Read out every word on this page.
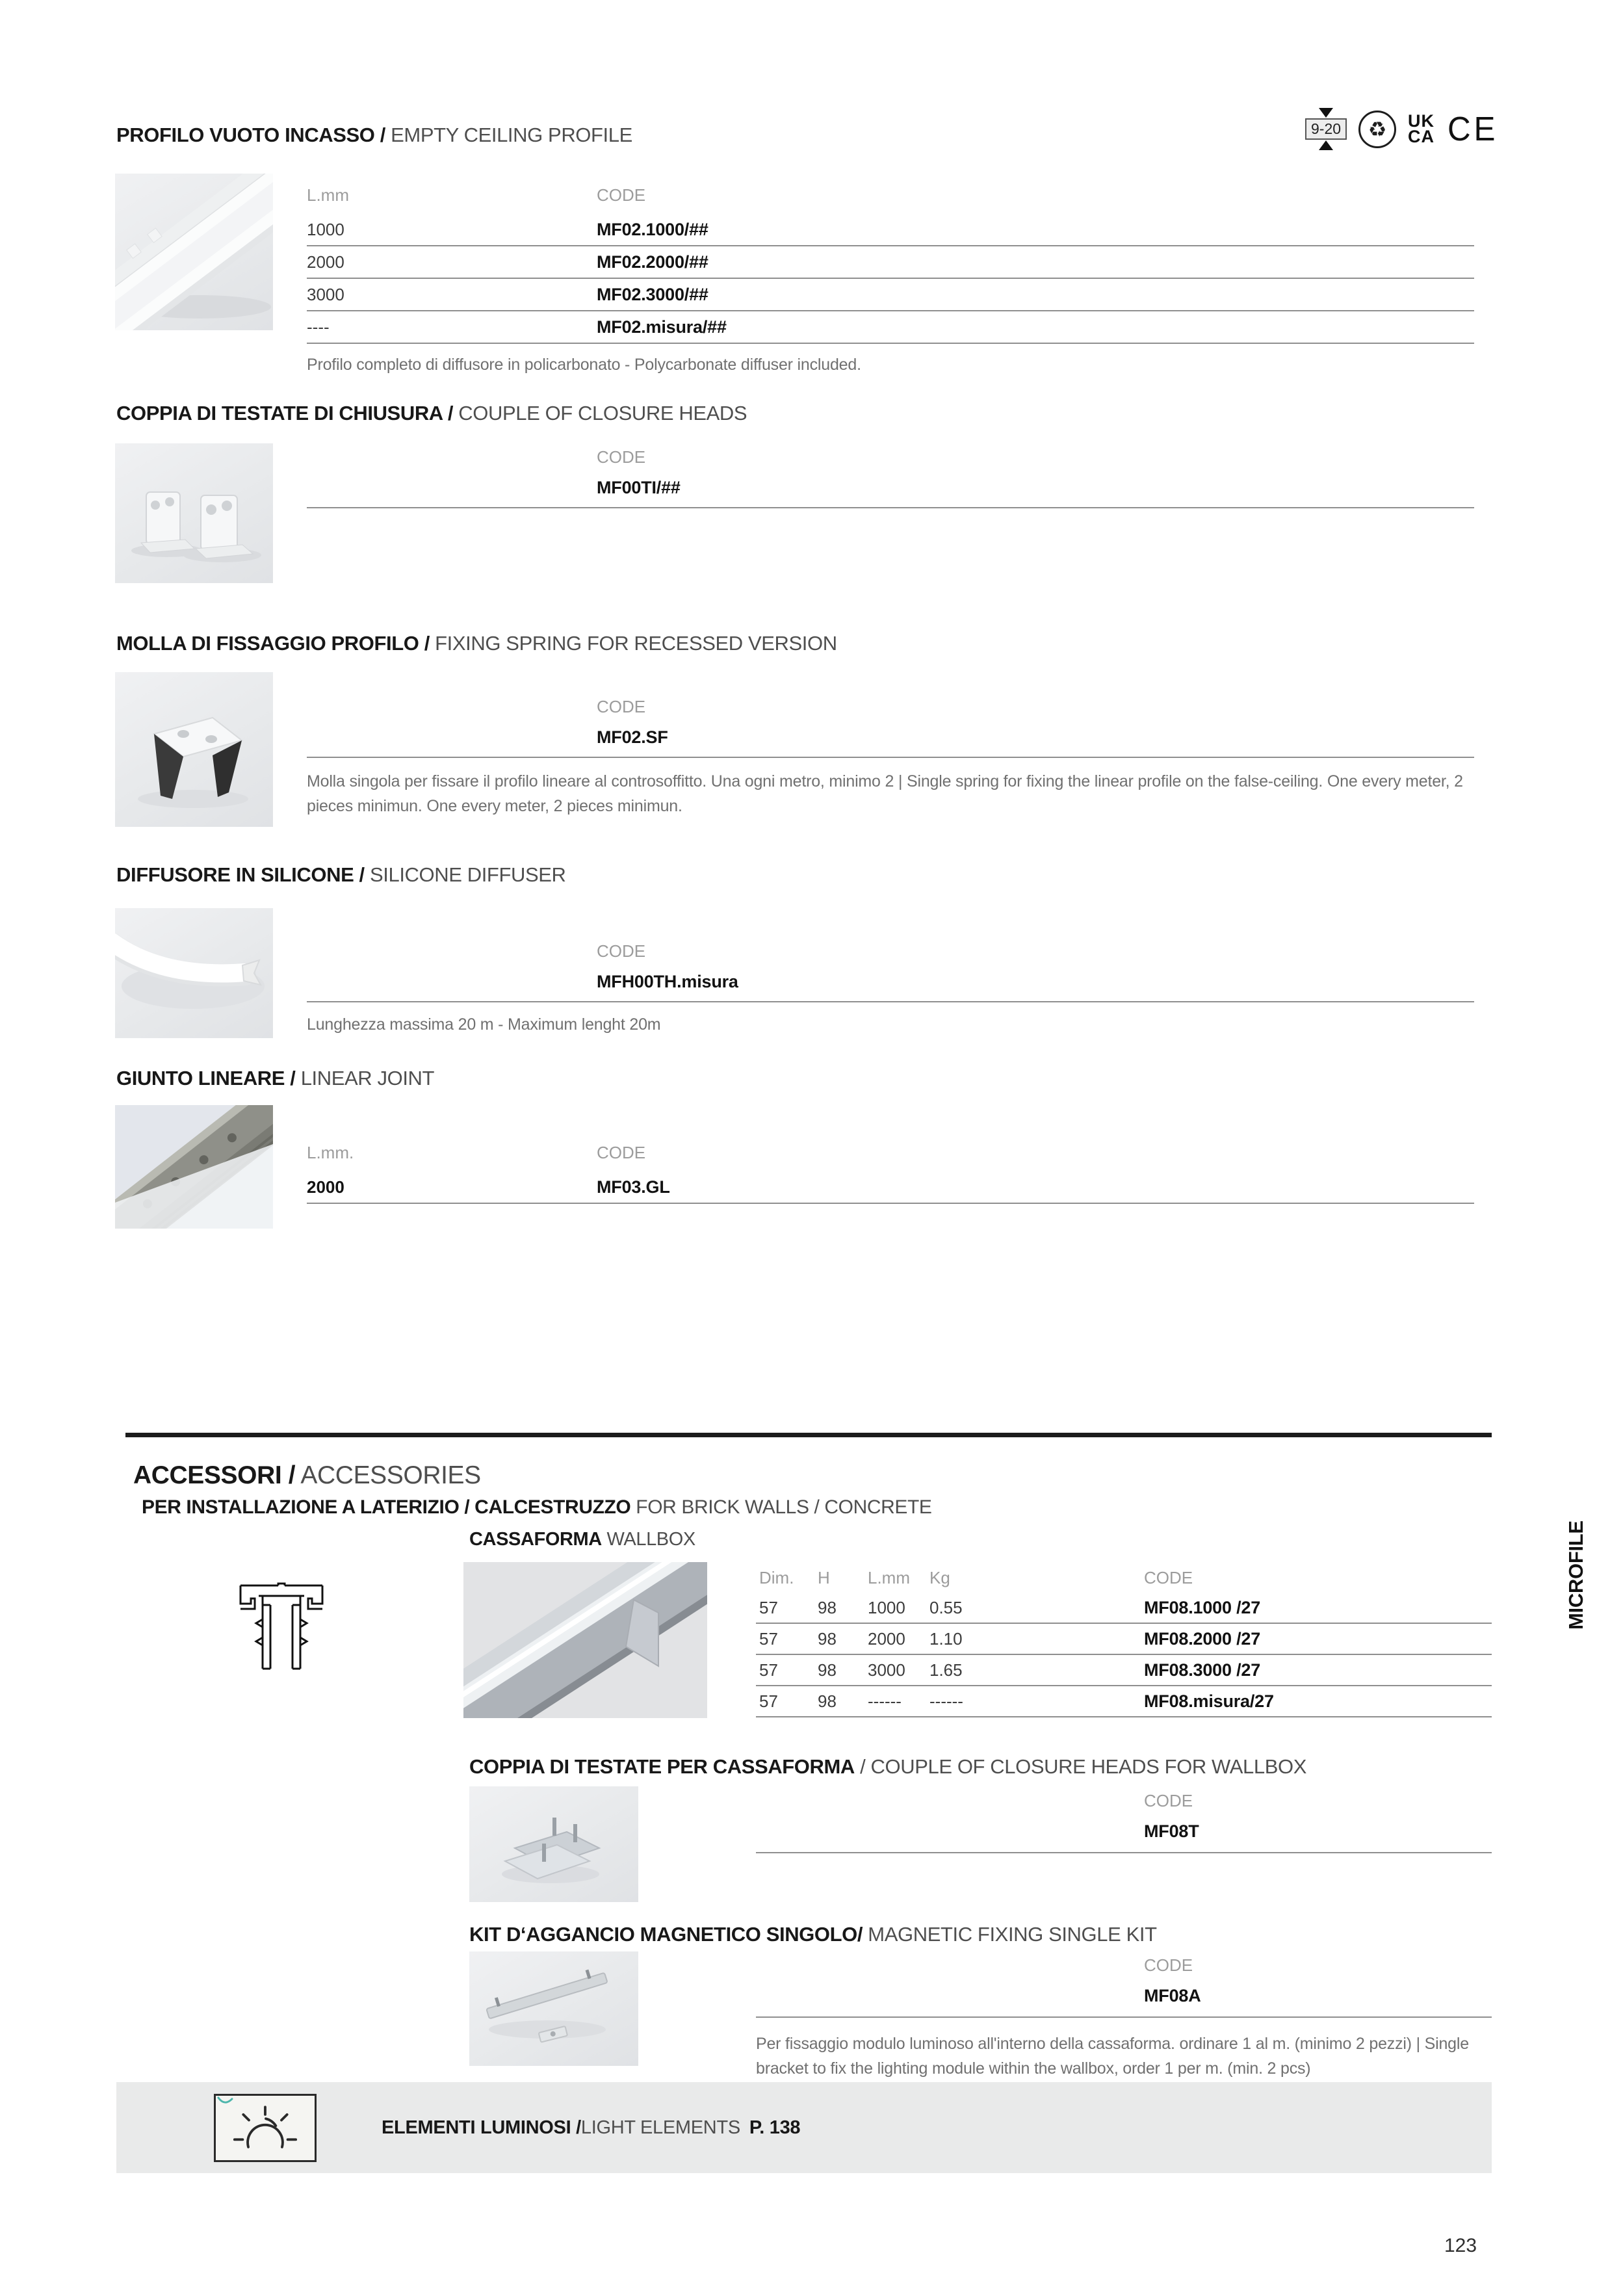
9-20 ♻ UK
CA CE
PROFILO VUOTO INCASSO / EMPTY CEILING PROFILE
L.mm	CODE
1000	MF02.1000/##
2000	MF02.2000/##
3000	MF02.3000/##
----	MF02.misura/##
Profilo completo di diffusore in policarbonato - Polycarbonate diffuser included.
COPPIA DI TESTATE DI CHIUSURA / COUPLE OF CLOSURE HEADS
CODE
MF00TI/##
MOLLA DI FISSAGGIO PROFILO / FIXING SPRING FOR RECESSED VERSION
CODE
MF02.SF
Molla singola per fissare il profilo lineare al controsoffitto. Una ogni metro, minimo 2 | Single spring for fixing the linear profile on the false-ceiling. One every meter, 2 pieces minimun. One every meter, 2 pieces minimun.
DIFFUSORE IN SILICONE / SILICONE DIFFUSER
CODE
MFH00TH.misura
Lunghezza massima 20 m - Maximum lenght 20m
GIUNTO LINEARE / LINEAR JOINT
L.mm.	CODE
2000	MF03.GL
ACCESSORI / ACCESSORIES
PER INSTALLAZIONE A LATERIZIO / CALCESTRUZZO FOR BRICK WALLS / CONCRETE
CASSAFORMA WALLBOX
Dim.	H	L.mm	Kg	CODE
57	98	1000	0.55	MF08.1000 /27
57	98	2000	1.10	MF08.2000 /27
57	98	3000	1.65	MF08.3000 /27
57	98	------	------	MF08.misura/27
COPPIA DI TESTATE PER CASSAFORMA / COUPLE OF CLOSURE HEADS FOR WALLBOX
CODE
MF08T
KIT D‘AGGANCIO MAGNETICO SINGOLO/ MAGNETIC FIXING SINGLE KIT
CODE
MF08A
Per fissaggio modulo luminoso all'interno della cassaforma. ordinare 1 al m. (minimo 2 pezzi) | Single bracket to fix the lighting module within the wallbox, order 1 per m. (min. 2 pcs)
ELEMENTI LUMINOSI / LIGHT ELEMENTS P. 138
123
MICROFILE
